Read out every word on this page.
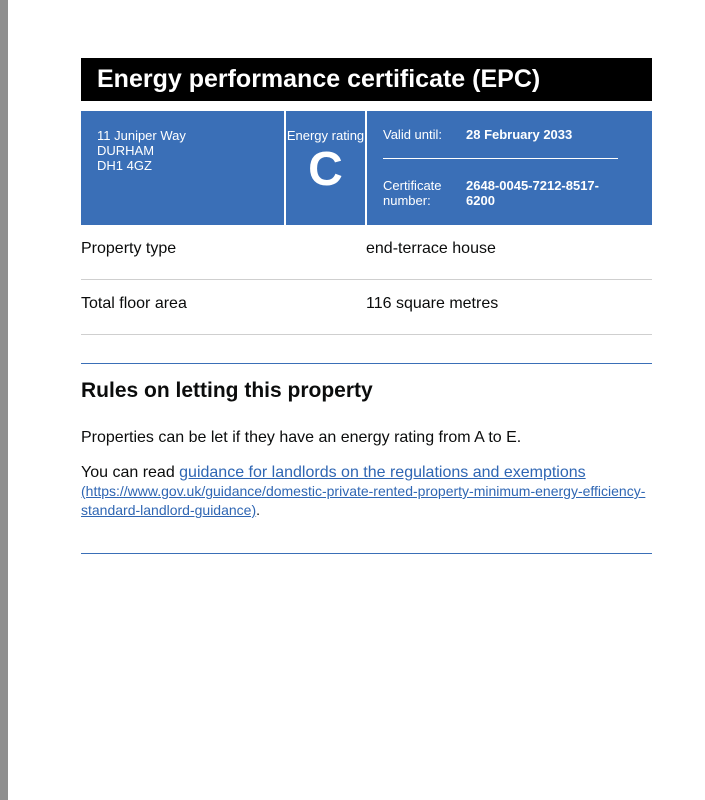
Energy performance certificate (EPC)
11 Juniper Way
DURHAM
DH1 4GZ
Energy rating
C
Valid until:	28 February 2033
Certificate number:
2648-0045-7212-8517-6200
Property type	end-terrace house
Total floor area	116 square metres
Rules on letting this property

Properties can be let if they have an energy rating from A to E.

You can read guidance for landlords on the regulations and exemptions
(https://www.gov.uk/guidance/domestic-private-rented-property-minimum-energy-efficiency-standard-landlord-guidance).
